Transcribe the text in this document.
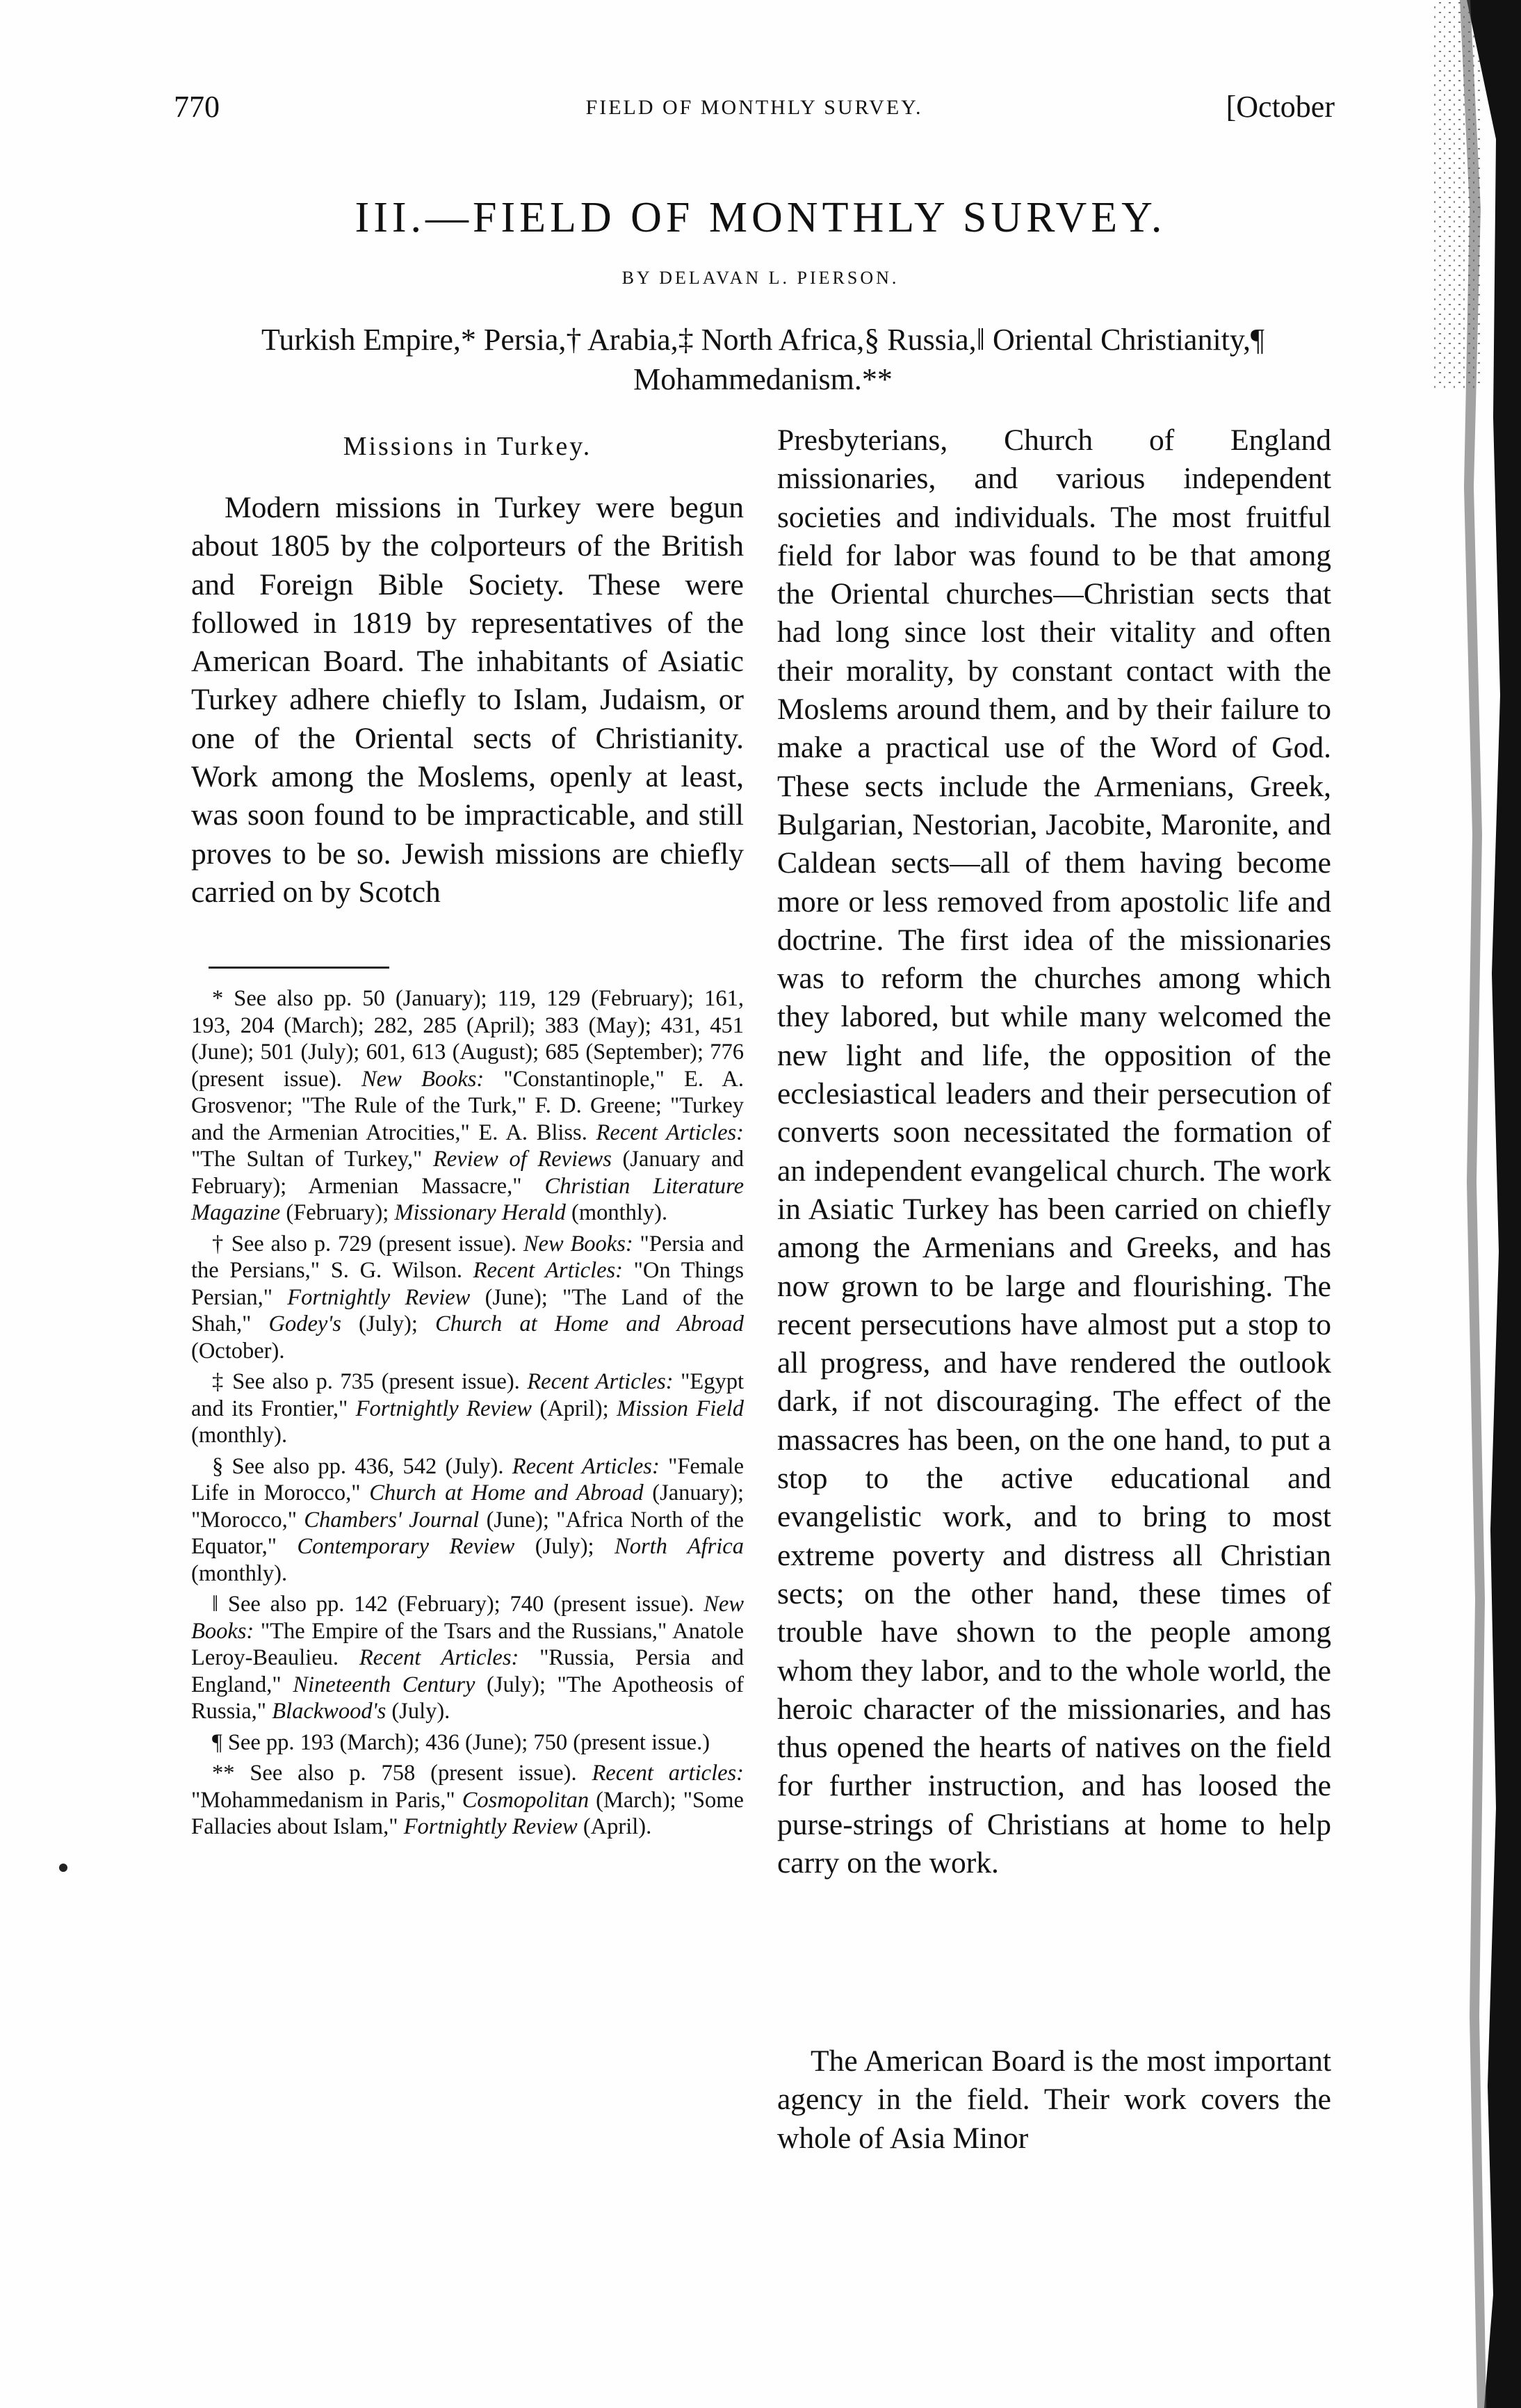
770	FIELD OF MONTHLY SURVEY.	[October
III.—FIELD OF MONTHLY SURVEY.
BY DELAVAN L. PIERSON.
Turkish Empire,* Persia,† Arabia,‡ North Africa,§ Russia,‖ Oriental Christianity,¶ Mohammedanism.**
Missions in Turkey.

Modern missions in Turkey were begun about 1805 by the colporteurs of the British and Foreign Bible Society. These were followed in 1819 by representatives of the American Board. The inhabitants of Asiatic Turkey adhere chiefly to Islam, Judaism, or one of the Oriental sects of Christianity. Work among the Moslems, openly at least, was soon found to be impracticable, and still proves to be so. Jewish missions are chiefly carried on by Scotch

* See also pp. 50 (January); 119, 129 (February); 161, 193, 204 (March); 282, 285 (April); 383 (May); 431, 451 (June); 501 (July); 601, 613 (August); 685 (September); 776 (present issue). New Books: "Constantinople," E. A. Grosvenor; "The Rule of the Turk," F. D. Greene; "Turkey and the Armenian Atrocities," E. A. Bliss. Recent Articles: "The Sultan of Turkey," Review of Reviews (January and February); Armenian Massacre," Christian Literature Magazine (February); Missionary Herald (monthly).

† See also p. 729 (present issue). New Books: "Persia and the Persians," S. G. Wilson. Recent Articles: "On Things Persian," Fortnightly Review (June); "The Land of the Shah," Godey's (July); Church at Home and Abroad (October).

‡ See also p. 735 (present issue). Recent Articles: "Egypt and its Frontier," Fortnightly Review (April); Mission Field (monthly).

§ See also pp. 436, 542 (July). Recent Articles: "Female Life in Morocco," Church at Home and Abroad (January); "Morocco," Chambers' Journal (June); "Africa North of the Equator," Contemporary Review (July); North Africa (monthly).

‖ See also pp. 142 (February); 740 (present issue). New Books: "The Empire of the Tsars and the Russians," Anatole Leroy-Beaulieu. Recent Articles: "Russia, Persia and England," Nineteenth Century (July); "The Apotheosis of Russia," Blackwood's (July).

¶ See pp. 193 (March); 436 (June); 750 (present issue.)

** See also p. 758 (present issue). Recent articles: "Mohammedanism in Paris," Cosmopolitan (March); "Some Fallacies about Islam," Fortnightly Review (April).

Presbyterians, Church of England missionaries, and various independent societies and individuals. The most fruitful field for labor was found to be that among the Oriental churches—Christian sects that had long since lost their vitality and often their morality, by constant contact with the Moslems around them, and by their failure to make a practical use of the Word of God. These sects include the Armenians, Greek, Bulgarian, Nestorian, Jacobite, Maronite, and Caldean sects—all of them having become more or less removed from apostolic life and doctrine. The first idea of the missionaries was to reform the churches among which they labored, but while many welcomed the new light and life, the opposition of the ecclesiastical leaders and their persecution of converts soon necessitated the formation of an independent evangelical church. The work in Asiatic Turkey has been carried on chiefly among the Armenians and Greeks, and has now grown to be large and flourishing. The recent persecutions have almost put a stop to all progress, and have rendered the outlook dark, if not discouraging. The effect of the massacres has been, on the one hand, to put a stop to the active educational and evangelistic work, and to bring to most extreme poverty and distress all Christian sects; on the other hand, these times of trouble have shown to the people among whom they labor, and to the whole world, the heroic character of the missionaries, and has thus opened the hearts of natives on the field for further instruction, and has loosed the purse-strings of Christians at home to help carry on the work.

The American Board is the most important agency in the field. Their work covers the whole of Asia Minor
